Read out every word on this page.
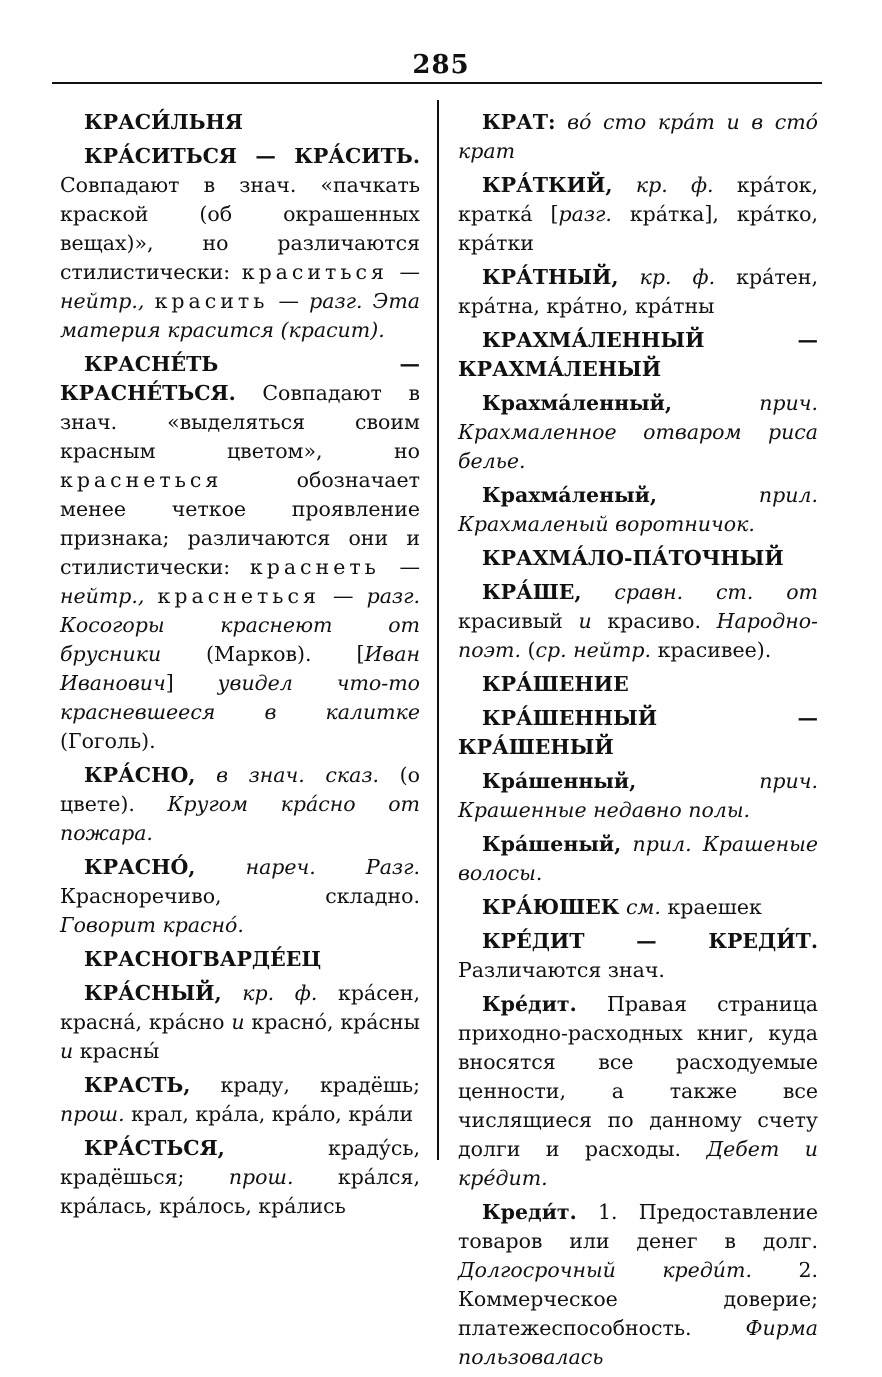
285

КРАСИ́ЛЬНЯ

КРА́СИТЬСЯ — КРА́СИТЬ. Совпадают в знач. «пачкать краской (об окрашенных вещах)», но различаются стилистически: краситься — нейтр., красить — разг. Эта материя красится (красит).

КРАСНЕ́ТЬ — КРАСНЕ́ТЬСЯ. Совпадают в знач. «выделяться своим красным цветом», но краснеться	обозначает менее четкое проявление признака; различаются они и стилистически: краснеть — нейтр., краснеться — разг. Косогоры краснеют от брусники (Марков). [Иван Иванович] увидел что-то красневшееся в калитке (Гоголь).

КРА́СНО, в знач. сказ. (о цвете). Кругом кра́сно от пожара.

КРАСНО́, нареч. Разг. Красноречиво, складно. Говорит красно́.

КРАСНОГВАРДЕ́ЕЦ

КРА́СНЫЙ, кр. ф. кра́сен, красна́, кра́сно и красно́, кра́сны и красны́

КРАСТЬ, краду, крадёшь; прош. крал, кра́ла, кра́ло, кра́ли

КРА́СТЬСЯ,	краду́сь, крадёшься; прош. кра́лся, кра́лась, кра́лось, кра́лись

КРАТ: во́ сто кра́т и в сто́ крат

КРА́ТКИЙ, кр. ф. кра́ток, кратка́ [разг. кра́тка], кра́тко, кра́тки

КРА́ТНЫЙ, кр. ф. кра́тен, кра́тна, кра́тно, кра́тны

КРАХМА́ЛЕННЫЙ — КРАХМА́ЛЕНЫЙ

Крахма́ленный,	прич. Крахмаленное отваром риса белье.

Крахма́леный,	прил. Крахмаленый воротничок.

КРАХМА́ЛО-ПА́ТОЧНЫЙ

КРА́ШЕ, сравн. ст. от красивый и красиво. Народно-поэт. (ср. нейтр. красивее).

КРА́ШЕНИЕ

КРА́ШЕННЫЙ — КРА́ШЕНЫЙ

Кра́шенный,	прич. Крашенные недавно полы.

Кра́шеный, прил. Крашеные волосы.

КРА́ЮШЕК см. краешек

КРЕ́ДИТ — КРЕДИ́Т. Различаются знач.

Кре́дит. Правая страница приходно-расходных книг, куда вносятся все расходуемые ценности, а также все числящиеся по данному счету долги и расходы. Дебет и кре́дит.

Креди́т. 1. Предоставление товаров или денег в долг. Долгосрочный креди́т. 2. Коммерческое доверие; платежеспособность.	Фирма пользовалась
